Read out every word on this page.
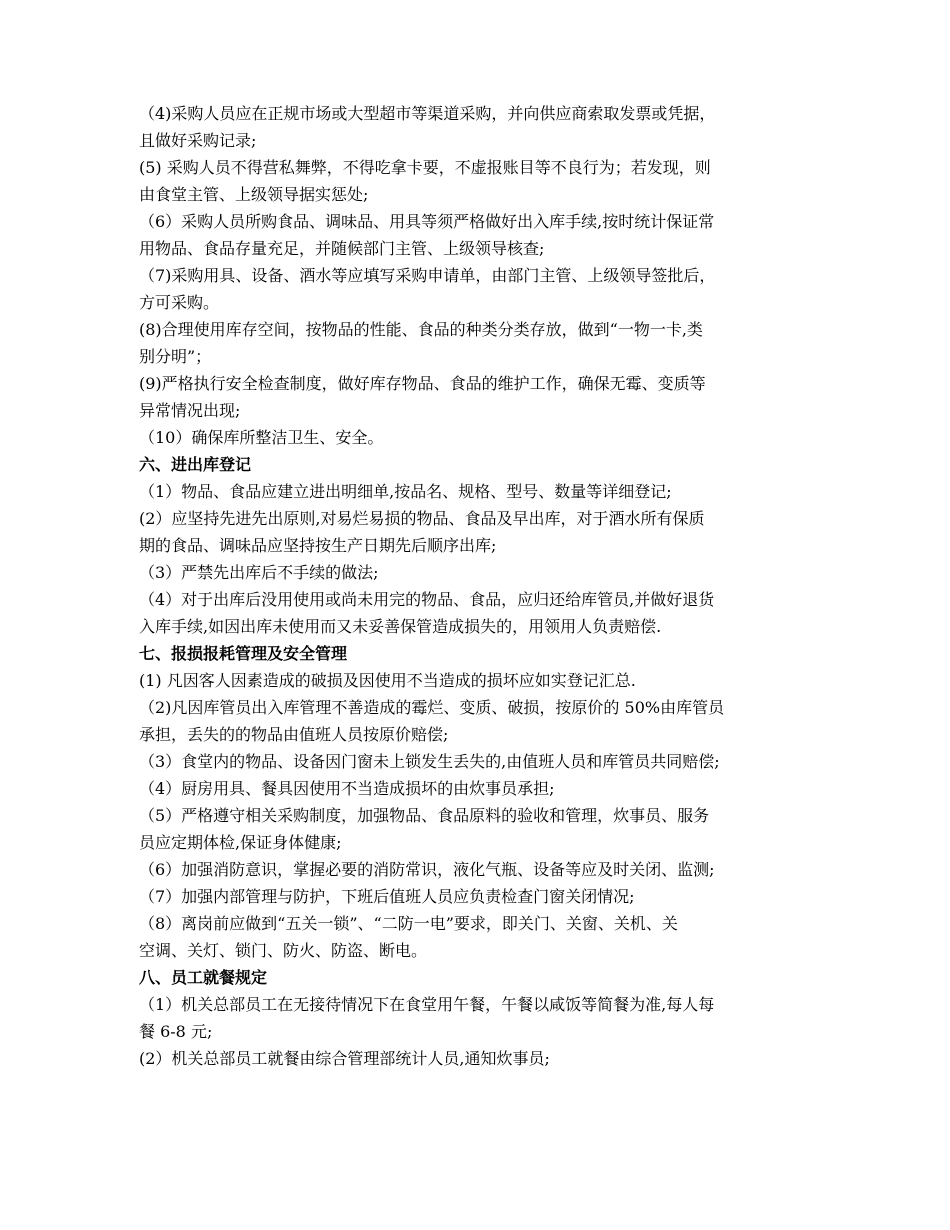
（4)采购人员应在正规市场或大型超市等渠道采购，并向供应商索取发票或凭据，
且做好采购记录;
(5) 采购人员不得营私舞弊，不得吃拿卡要，不虚报账目等不良行为；若发现，则
由食堂主管、上级领导据实惩处;
（6）采购人员所购食品、调味品、用具等须严格做好出入库手续,按时统计保证常
用物品、食品存量充足，并随候部门主管、上级领导核查;
（7)采购用具、设备、酒水等应填写采购申请单，由部门主管、上级领导签批后，
方可采购。
(8)合理使用库存空间，按物品的性能、食品的种类分类存放，做到“一物一卡,类
别分明”；
(9)严格执行安全检查制度，做好库存物品、食品的维护工作，确保无霉、变质等
异常情况出现;
（10）确保库所整洁卫生、安全。
六、进出库登记
（1）物品、食品应建立进出明细单,按品名、规格、型号、数量等详细登记;
(2）应坚持先进先出原则,对易烂易损的物品、食品及早出库，对于酒水所有保质
期的食品、调味品应坚持按生产日期先后顺序出库;
（3）严禁先出库后不手续的做法;
（4）对于出库后没用使用或尚未用完的物品、食品，应归还给库管员,并做好退货
入库手续,如因出库未使用而又未妥善保管造成损失的，用领用人负责赔偿.
七、报损报耗管理及安全管理
(1) 凡因客人因素造成的破损及因使用不当造成的损坏应如实登记汇总.
（2)凡因库管员出入库管理不善造成的霉烂、变质、破损，按原价的 50%由库管员
承担，丢失的的物品由值班人员按原价赔偿;
（3）食堂内的物品、设备因门窗未上锁发生丢失的,由值班人员和库管员共同赔偿;
（4）厨房用具、餐具因使用不当造成损坏的由炊事员承担;
（5）严格遵守相关采购制度，加强物品、食品原料的验收和管理，炊事员、服务
员应定期体检,保证身体健康;
（6）加强消防意识，掌握必要的消防常识，液化气瓶、设备等应及时关闭、监测;
（7）加强内部管理与防护，下班后值班人员应负责检查门窗关闭情况;
（8）离岗前应做到“五关一锁”、“二防一电”要求，即关门、关窗、关机、关
空调、关灯、锁门、防火、防盗、断电。
八、员工就餐规定
（1）机关总部员工在无接待情况下在食堂用午餐，午餐以咸饭等简餐为准,每人每
餐 6-8 元;
(2）机关总部员工就餐由综合管理部统计人员,通知炊事员;
